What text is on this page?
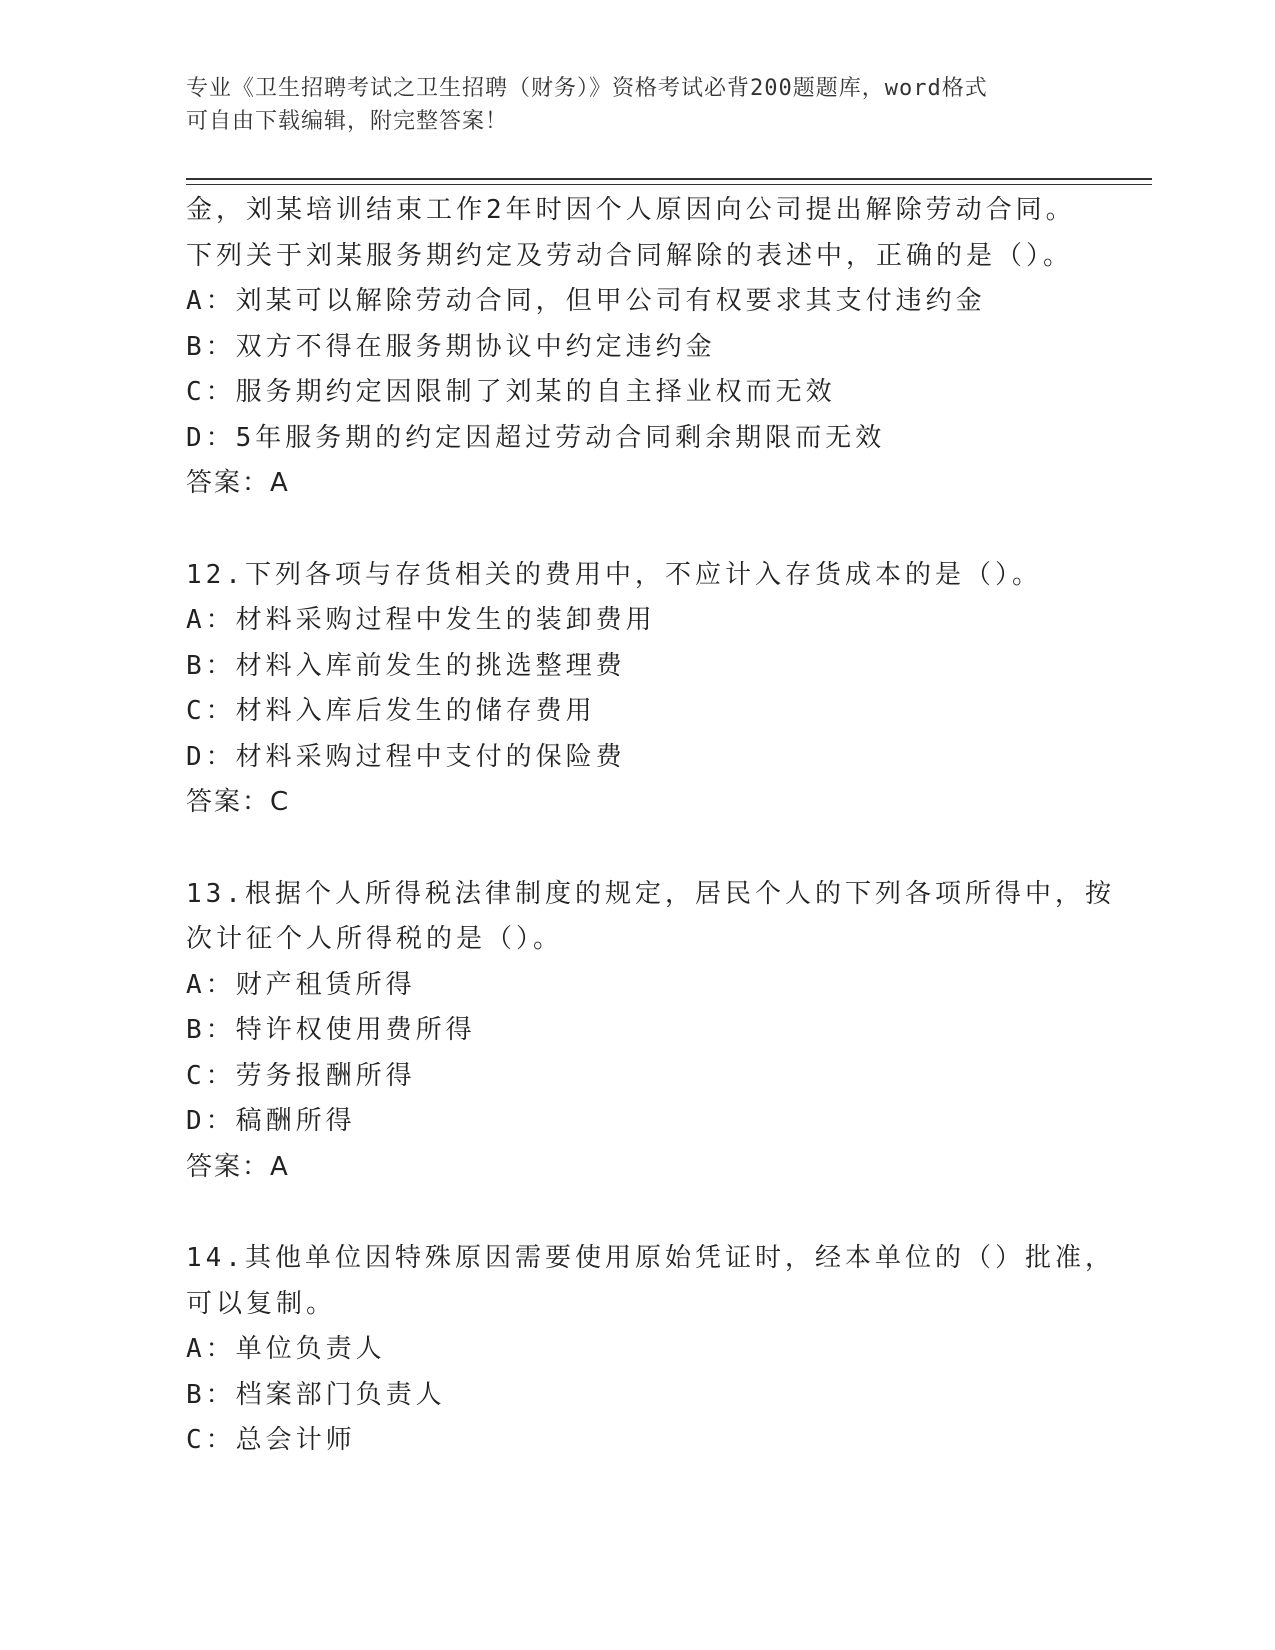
专业《卫生招聘考试之卫生招聘（财务）》资格考试必背200题题库，word格式
可自由下载编辑，附完整答案！
金，刘某培训结束工作2年时因个人原因向公司提出解除劳动合同。
下列关于刘某服务期约定及劳动合同解除的表述中，正确的是（）。
A：刘某可以解除劳动合同，但甲公司有权要求其支付违约金
B：双方不得在服务期协议中约定违约金
C：服务期约定因限制了刘某的自主择业权而无效
D：5年服务期的约定因超过劳动合同剩余期限而无效
答案：A
12.下列各项与存货相关的费用中，不应计入存货成本的是（）。
A：材料采购过程中发生的装卸费用
B：材料入库前发生的挑选整理费
C：材料入库后发生的储存费用
D：材料采购过程中支付的保险费
答案：C
13.根据个人所得税法律制度的规定，居民个人的下列各项所得中，按
次计征个人所得税的是（）。
A：财产租赁所得
B：特许权使用费所得
C：劳务报酬所得
D：稿酬所得
答案：A
14.其他单位因特殊原因需要使用原始凭证时，经本单位的（）批准，
可以复制。
A：单位负责人
B：档案部门负责人
C：总会计师
